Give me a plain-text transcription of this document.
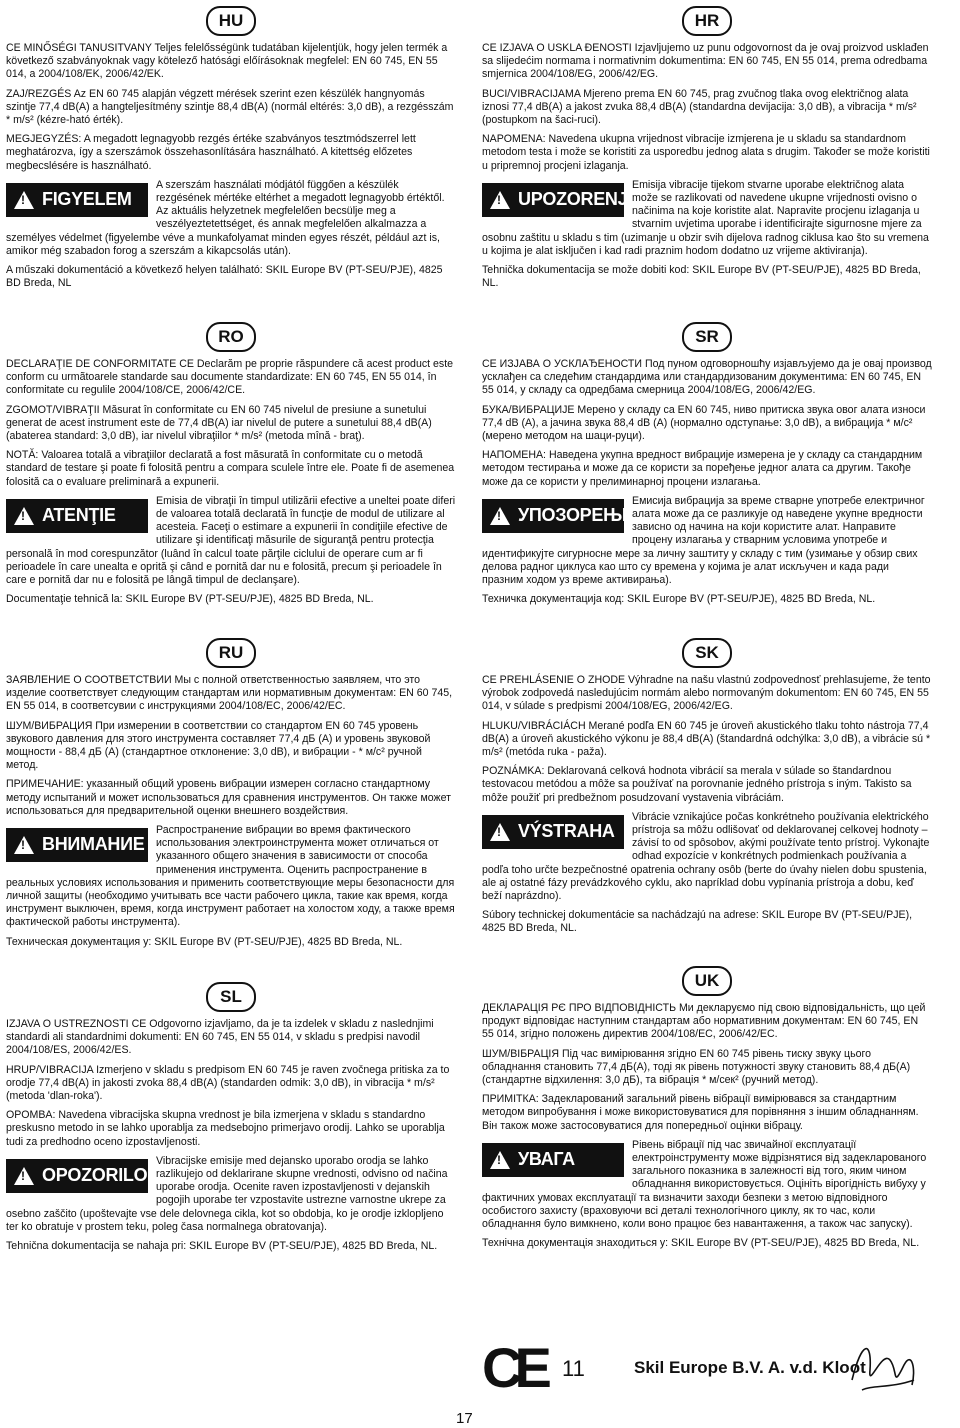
HU

CE MINŐSÉGI TANUSITVANY Teljes felelősségünk tudatában kijelentjük, hogy jelen termék a következő szabványoknak vagy kötelező hatósági előírásoknak megfelel: EN 60 745, EN 55 014, a 2004/108/EK, 2006/42/EK.

ZAJ/REZGÉS Az EN 60 745 alapján végzett mérések szerint ezen készülék hangnyomás szintje 77,4 dB(A) a hangteljesítmény szintje 88,4 dB(A) (normál eltérés: 3,0 dB), a rezgésszám * m/s² (kézre-ható érték).

MEGJEGYZÉS: A megadott legnagyobb rezgés értéke szabványos tesztmódszerrel lett meghatározva, így a szerszámok összehasonlítására használható. A kitettség előzetes megbecslésére is használható.

!
FIGYELEM
A szerszám használati módjától függően a készülék rezgésének mértéke eltérhet a megadott legnagyobb értéktől. Az aktuális helyzetnek megfelelően becsülje meg a veszélyeztetettséget, és annak megfelelően alkalmazza a személyes védelmet (figyelembe véve a munkafolyamat minden egyes részét, például azt is, amikor még szabadon forog a szerszám a kikapcsolás után).

A műszaki dokumentáció a következő helyen található: SKIL Europe BV (PT-SEU/PJE), 4825 BD Breda, NL

RO

DECLARAŢIE DE CONFORMITATE CE Declarăm pe proprie răspundere că acest product este conform cu urmãtoarele standarde sau documente standardizate: EN 60 745, EN 55 014, în conformitate cu regulile 2004/108/CE, 2006/42/CE.

ZGOMOT/VIBRAŢII Măsurat în conformitate cu EN 60 745 nivelul de presiune a sunetului generat de acest instrument este de 77,4 dB(A) iar nivelul de putere a sunetului 88,4 dB(A) (abaterea standard: 3,0 dB), iar nivelul vibraţiilor * m/s² (metoda mînă - braţ).

NOTĂ: Valoarea totală a vibraţiilor declarată a fost măsurată în conformitate cu o metodă standard de testare şi poate fi folosită pentru a compara sculele între ele. Poate fi de asemenea folosită ca o evaluare preliminară a expunerii.

!
ATENŢIE
Emisia de vibraţii în timpul utilizării efective a uneltei poate diferi de valoarea totală declarată în funcţie de modul de utilizare al acesteia. Faceţi o estimare a expunerii în condiţiile efective de utilizare şi identificaţi măsurile de siguranţă pentru protecţia personală în mod corespunzător (luând în calcul toate părţile ciclului de operare cum ar fi perioadele în care unealta e oprită şi când e pornită dar nu e folosită, precum şi perioadele în care e pornită dar nu e folosită pe lângă timpul de declanşare).

Documentaţie tehnică la: SKIL Europe BV (PT-SEU/PJE), 4825 BD Breda, NL.

RU

ЗАЯВЛЕНИЕ О СООТВЕТСТВИИ Мы с полной ответственностью заявляем, что это изделие соответствует следующим стандартам или нормативным документам: EN 60 745, EN 55 014, в соответсувии с инструкциями 2004/108/EС, 2006/42/EС.

ШУМ/ВИБРАЦИЯ При измерении в соответствии со стандартом EN 60 745 уровень звукового давления для этого инструмента составляет 77,4 дБ (A) и уровень звуковой мощности - 88,4 дБ (A) (стандартное отклонение: 3,0 dB), и вибрации - * м/с² ручной метод.

ПРИМЕЧАНИЕ: указанный общий уровень вибрации измерен согласно стандартному методу испытаний и может использоваться для сравнения инструментов. Он также может использоваться для предварительной оценки внешнего воздействия.

!
ВНИМАНИЕ
Распространение вибрации во время фактического использования электроинструмента может отличаться от указанного общего значения в зависимости от способа применения инструмента. Оценить распространение в реальных условиях использования и применить соответствующие меры безопасности для личной защиты (необходимо учитывать все части рабочего цикла, такие как время, когда инструмент выключен, время, когда инструмент работает на холостом ходу, а также время фактической работы инструмента).

Техническая документация у: SKIL Europe BV (PT-SEU/PJE), 4825 BD Breda, NL.

SL

IZJAVA O USTREZNOSTI CE Odgovorno izjavljamo, da je ta izdelek v skladu z naslednjimi standardi ali standardnimi dokumenti: EN 60 745, EN 55 014, v skladu s predpisi navodil 2004/108/ES, 2006/42/ES.

HRUP/VIBRACIJA Izmerjeno v skladu s predpisom EN 60 745 je raven zvočnega pritiska za to orodje 77,4 dB(A) in jakosti zvoka 88,4 dB(A) (standarden odmik: 3,0 dB), in vibracija * m/s² (metoda 'dlan-roka').

OPOMBA: Navedena vibracijska skupna vrednost je bila izmerjena v skladu s standardno preskusno metodo in se lahko uporablja za medsebojno primerjavo orodij. Lahko se uporablja tudi za predhodno oceno izpostavljenosti.

!
OPOZORILO
Vibracijske emisije med dejansko uporabo orodja se lahko razlikujejo od deklarirane skupne vrednosti, odvisno od načina uporabe orodja. Ocenite raven izpostavljenosti v dejanskih pogojih uporabe ter vzpostavite ustrezne varnostne ukrepe za osebno zaščito (upoštevajte vse dele delovnega cikla, kot so obdobja, ko je orodje izklopljeno ter ko obratuje v prostem teku, poleg časa normalnega obratovanja).

Tehnična dokumentacija se nahaja pri: SKIL Europe BV (PT-SEU/PJE), 4825 BD Breda, NL.

HR

CE IZJAVA O USKLA ĐENOSTI Izjavljujemo uz punu odgovornost da je ovaj proizvod usklađen sa slijedećim normama i normativnim dokumentima: EN 60 745, EN 55 014, prema odredbama smjernica 2004/108/EG, 2006/42/EG.

BUCI/VIBRACIJAMA Mjereno prema EN 60 745, prag zvučnog tlaka ovog električnog alata iznosi 77,4 dB(A) a jakost zvuka 88,4 dB(A) (standardna devijacija: 3,0 dB), a vibracija * m/s² (postupkom na šaci-ruci).

NAPOMENA: Navedena ukupna vrijednost vibracije izmjerena je u skladu sa standardnom metodom testa i može se koristiti za usporedbu jednog alata s drugim. Također se može koristiti u pripremnoj procjeni izlaganja.

!
UPOZORENJE
Emisija vibracije tijekom stvarne uporabe električnog alata može se razlikovati od navedene ukupne vrijednosti ovisno o načinima na koje koristite alat. Napravite procjenu izlaganja u stvarnim uvjetima uporabe i identificirajte sigurnosne mjere za osobnu zaštitu u skladu s tim (uzimanje u obzir svih dijelova radnog ciklusa kao što su vremena u kojima je alat isključen i kad radi praznim hodom dodatno uz vrijeme aktiviranja).

Tehnička dokumentacija se može dobiti kod: SKIL Europe BV (PT-SEU/PJE), 4825 BD Breda, NL.

SR

CE ИЗЈАВА О УСКЛАЂЕНОСТИ Под пуном одговорношћу изјављујемо да је овај производ усклађен са следећим стандардима или стандардизованим документима: EN 60 745, EN 55 014, у складу са одредбама смерница 2004/108/EG, 2006/42/EG.

БУКА/ВИБРАЦИЈЕ Мерено у складу са EN 60 745, ниво притиска звука овог алата износи 77,4 dB (A), а јачина звука 88,4 dB (A) (нормално одступање: 3,0 dB), а вибрација * м/с² (мерено методом на шаци-руци).

НАПОМЕНА: Наведена укупна вредност вибрације измерена је у складу са стандардним методом тестирања и може да се користи за поређење једног алата са другим. Такође може да се користи у прелиминарној процени излагања.

!
УПОЗОРЕЊЕ
Емисија вибрација за време стварне употребе електричног алата може да се разликује од наведене укупне вредности зависно од начина на који користите алат. Направите процену излагања у стварним условима употребе и идентификујте сигурносне мере за личну заштиту у складу с тим (узимање у обзир свих делова радног циклуса као што су времена у којима је алат искључен и када ради празним ходом уз време активирања).

Техничка документација код: SKIL Europe BV (PT-SEU/PJE), 4825 BD Breda, NL.

SK

CE PREHLÁSENIE O ZHODE Výhradne na našu vlastnú zodpovednosť prehlasujeme, že tento výrobok zodpovedá nasledujúcim normám alebo normovaným dokumentom: EN 60 745, EN 55 014, v súlade s predpismi 2004/108/EG, 2006/42/EG.

HLUKU/VIBRÁCIÁCH Merané podľa EN 60 745 je úroveň akustického tlaku tohto nástroja 77,4 dB(A) a úroveň akustického výkonu je 88,4 dB(A) (štandardná odchýlka: 3,0 dB), a vibrácie sú * m/s² (metóda ruka - paža).

POZNÁMKA: Deklarovaná celková hodnota vibrácií sa merala v súlade so štandardnou testovacou metódou a môže sa používať na porovnanie jedného prístroja s iným. Takisto sa môže použiť pri predbežnom posudzovaní vystavenia vibráciám.

!
VÝSTRAHA
Vibrácie vznikajúce počas konkrétneho používania elektrického prístroja sa môžu odlišovať od deklarovanej celkovej hodnoty – závisí to od spôsobov, akými používate tento prístroj. Vykonajte odhad expozície v konkrétnych podmienkach používania a podľa toho určte bezpečnostné opatrenia ochrany osôb (berte do úvahy nielen dobu spustenia, ale aj ostatné fázy prevádzkového cyklu, ako napríklad dobu vypínania prístroja a dobu, keď beží naprázdno).

Súbory technickej dokumentácie sa nachádzajú na adrese: SKIL Europe BV (PT-SEU/PJE), 4825 BD Breda, NL.

UK

ДЕКЛАРАЦІЯ PЄ ПРО ВІДПОВІДНІСТЬ Ми декларуємо під свою відповідальність, що цей продукт відповідає наступним стандартам або нормативним документам: EN 60 745, EN 55 014, згідно положень директив 2004/108/EC, 2006/42/EC.

ШУМ/ВІБРАЦІЯ Під час вимірювання згідно EN 60 745 рівень тиску звуку цього обладнання становить 77,4 дБ(A), тоді як рівень потужності звуку становить 88,4 дБ(A) (стандартне відхилення: 3,0 дБ), та вібрація * м/сек² (ручний метод).

ПРИМІТКА: Задекларований загальний рівень вібрації вимірювався за стандартним методом випробування і може використовуватися для порівняння з іншим обладнанням. Він також може застосовуватися для попередньої оцінки вібрацу.

!
УВАГА
Рівень вібрації під час звичайної експлуатації електроінструменту може відрізнятися від задекларованого загального показника в залежності від того, яким чином обладнання використовується. Оцініть вірогідність вибуху у фактичних умовах експлуатації та визначити заходи безпеки з метою відповідного особистого захисту (враховуючи всі деталі технологічного циклу, як то час, коли обладнання було вимкнено, коли воно працює без навантаження, а також час запуску).

Технічна документація знаходиться у: SKIL Europe BV (PT-SEU/PJE), 4825 BD Breda, NL.

CE 11	Skil Europe B.V. A. v.d. Kloot
17
